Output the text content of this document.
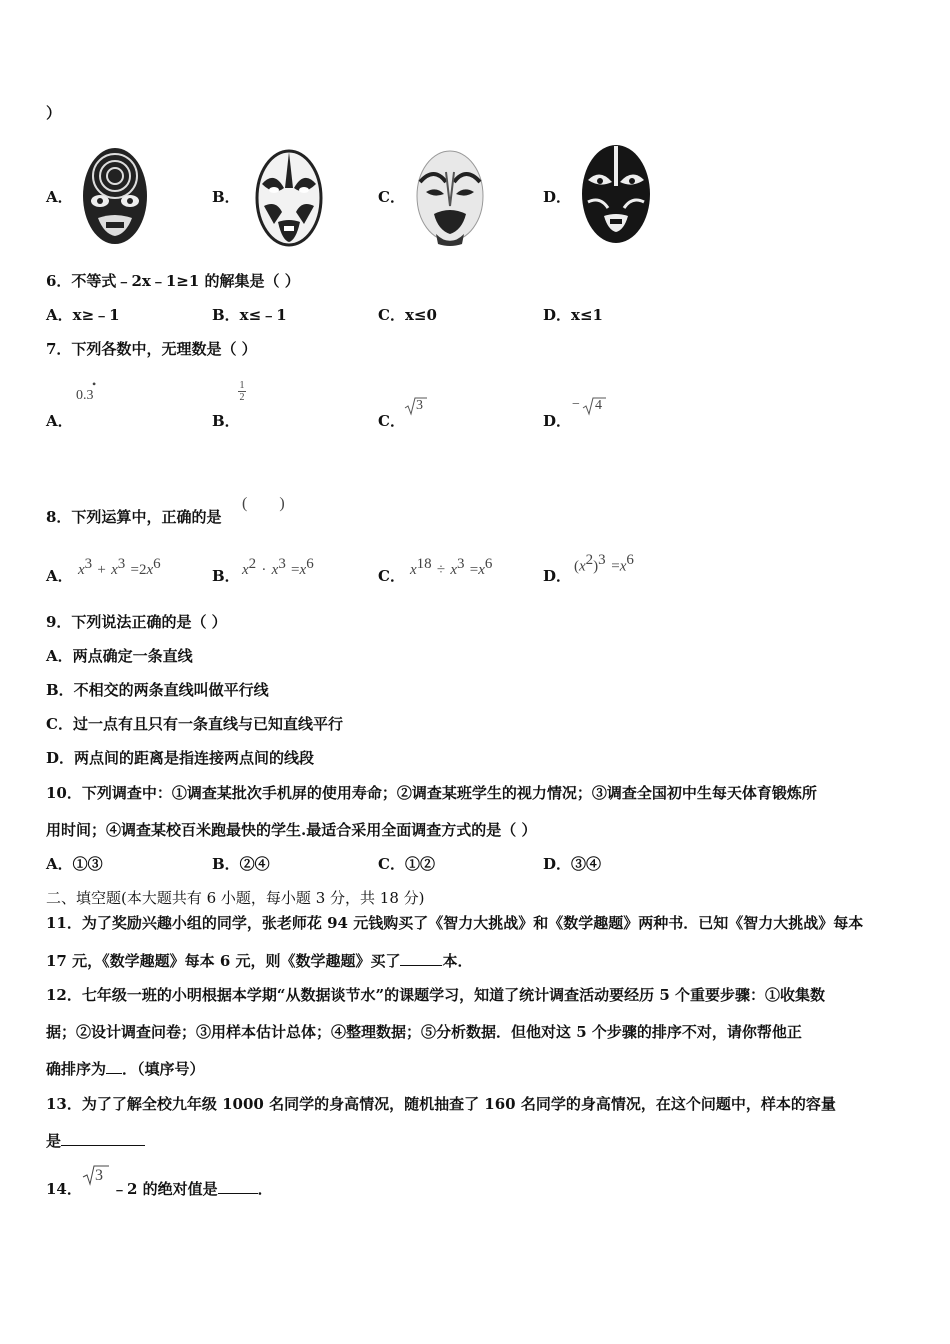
）
A．	B．	C．	D．
6．不等式﹣2x﹣1≥1 的解集是（ ）
A．x≥﹣1	B．x≤﹣1	C．x≤0	D．x≤1
7．下列各数中，无理数是（ ）
A．
0.3
•
B．
1
2
C．
3
D．
− 4
8．下列运算中，正确的是
(　　)
A． $x^3 + x^3 =2x^6$
B． $x^2 \cdot x^3 =x^6$
C． $x^{18} \div x^3 =x^6$
D．
$(x^2)^3 =x^6$
9．下列说法正确的是（ ）
A．两点确定一条直线
B．不相交的两条直线叫做平行线
C．过一点有且只有一条直线与已知直线平行
D．两点间的距离是指连接两点间的线段
10．下列调查中：①调查某批次手机屏的使用寿命；②调查某班学生的视力情况；③调查全国初中生每天体育锻炼所
用时间；④调查某校百米跑最快的学生.最适合采用全面调查方式的是（ ）
A．①③	B．②④	C．①②	D．③④
二、填空题(本大题共有 6 小题，每小题 3 分，共 18 分)
11．为了奖励兴趣小组的同学，张老师花 94 元钱购买了《智力大挑战》和《数学趣题》两种书．已知《智力大挑战》每本
17 元，《数学趣题》每本 6 元，则《数学趣题》买了	本．
12．七年级一班的小明根据本学期“从数据谈节水”的课题学习，知道了统计调查活动要经历 5 个重要步骤：①收集数
据；②设计调查问卷；③用样本估计总体；④整理数据；⑤分析数据．但他对这 5 个步骤的排序不对，请你帮他正
确排序为 ．（填序号）
13．为了了解全校九年级 1000 名同学的身高情况，随机抽查了 160 名同学的身高情况，在这个问题中，样本的容量
是
14．
3
﹣2 的绝对值是	．
